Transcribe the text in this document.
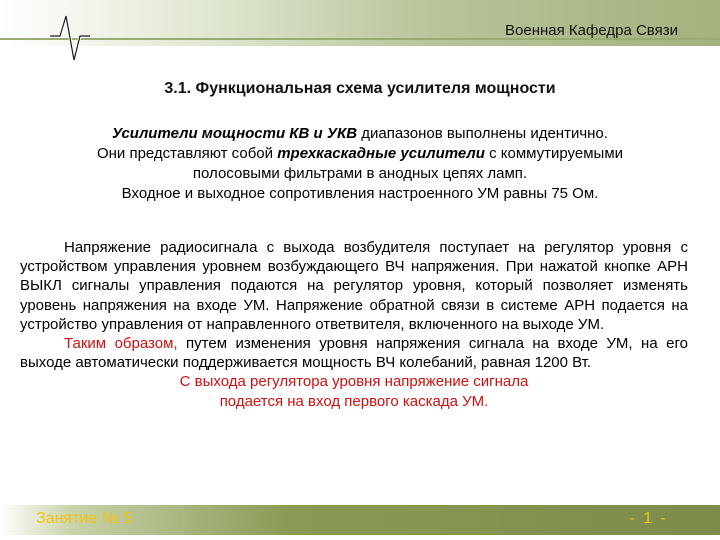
Военная Кафедра Связи
3.1. Функциональная схема усилителя мощности
Усилители мощности КВ и УКВ диапазонов выполнены идентично.
Они представляют собой трехкаскадные усилители с коммутируемыми
полосовыми фильтрами в анодных цепях ламп.
Входное и выходное сопротивления настроенного УМ равны 75 Ом.

Напряжение радиосигнала с выхода возбудителя поступает на регулятор уровня с устройством управления уровнем возбуждающего ВЧ напряжения. При нажатой кнопке АРН ВЫКЛ сигналы управления подаются на регулятор уровня, который позволяет изменять уровень напряжения на входе УМ. Напряжение обратной связи в системе АРН подается на устройство управления от направленного ответвителя, включенного на выходе УМ.

Таким образом, путем изменения уровня напряжения сигнала на входе УМ, на его выходе автоматически поддерживается мощность ВЧ колебаний, равная 1200 Вт.

С выхода регулятора уровня напряжение сигнала
подается на вход первого каскада УМ.
Занятие № 5	- 1 -
